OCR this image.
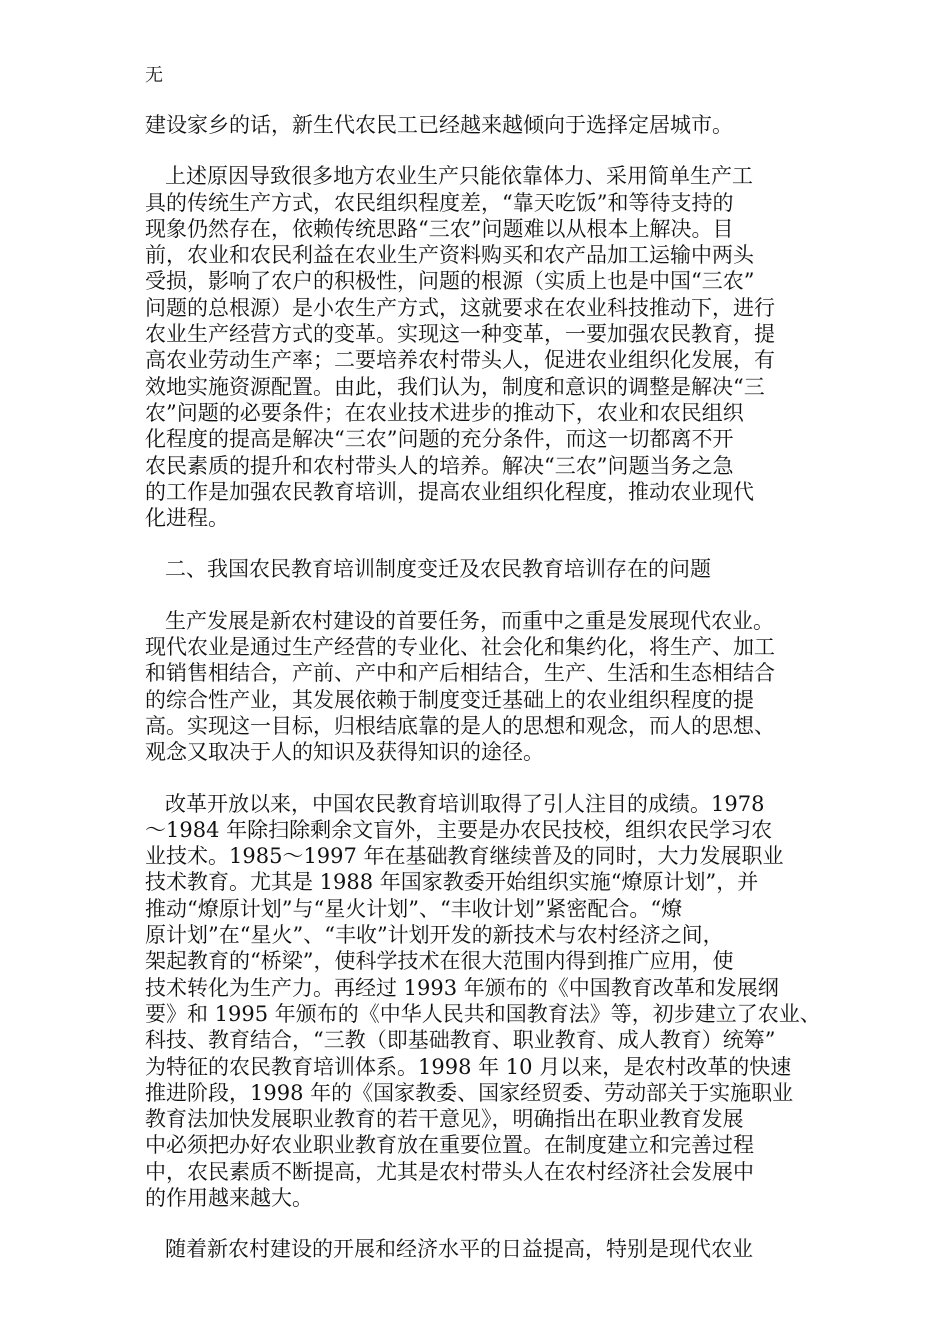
无
建设家乡的话，新生代农民工已经越来越倾向于选择定居城市。
上述原因导致很多地方农业生产只能依靠体力、采用简单生产工
具的传统生产方式，农民组织程度差，“靠天吃饭”和等待支持的
现象仍然存在，依赖传统思路“三农”问题难以从根本上解决。目
前，农业和农民利益在农业生产资料购买和农产品加工运输中两头
受损，影响了农户的积极性，问题的根源（实质上也是中国“三农”
问题的总根源）是小农生产方式，这就要求在农业科技推动下，进行
农业生产经营方式的变革。实现这一种变革，一要加强农民教育，提
高农业劳动生产率；二要培养农村带头人，促进农业组织化发展，有
效地实施资源配置。由此，我们认为，制度和意识的调整是解决“三
农”问题的必要条件；在农业技术进步的推动下，农业和农民组织
化程度的提高是解决“三农”问题的充分条件，而这一切都离不开
农民素质的提升和农村带头人的培养。解决“三农”问题当务之急
的工作是加强农民教育培训，提高农业组织化程度，推动农业现代
化进程。
二、我国农民教育培训制度变迁及农民教育培训存在的问题
生产发展是新农村建设的首要任务，而重中之重是发展现代农业。
现代农业是通过生产经营的专业化、社会化和集约化，将生产、加工
和销售相结合，产前、产中和产后相结合，生产、生活和生态相结合
的综合性产业，其发展依赖于制度变迁基础上的农业组织程度的提
高。实现这一目标，归根结底靠的是人的思想和观念，而人的思想、
观念又取决于人的知识及获得知识的途径。
改革开放以来，中国农民教育培训取得了引人注目的成绩。1978
～1984 年除扫除剩余文盲外，主要是办农民技校，组织农民学习农
业技术。1985～1997 年在基础教育继续普及的同时，大力发展职业
技术教育。尤其是 1988 年国家教委开始组织实施“燎原计划”，并
推动“燎原计划”与“星火计划”、“丰收计划”紧密配合。“燎
原计划”在“星火”、“丰收”计划开发的新技术与农村经济之间，
架起教育的“桥梁”，使科学技术在很大范围内得到推广应用，使
技术转化为生产力。再经过 1993 年颁布的《中国教育改革和发展纲
要》和 1995 年颁布的《中华人民共和国教育法》等，初步建立了农业、
科技、教育结合，“三教（即基础教育、职业教育、成人教育）统筹”
为特征的农民教育培训体系。1998 年 10 月以来，是农村改革的快速
推进阶段，1998 年的《国家教委、国家经贸委、劳动部关于实施职业
教育法加快发展职业教育的若干意见》，明确指出在职业教育发展
中必须把办好农业职业教育放在重要位置。在制度建立和完善过程
中，农民素质不断提高，尤其是农村带头人在农村经济社会发展中
的作用越来越大。
随着新农村建设的开展和经济水平的日益提高，特别是现代农业
